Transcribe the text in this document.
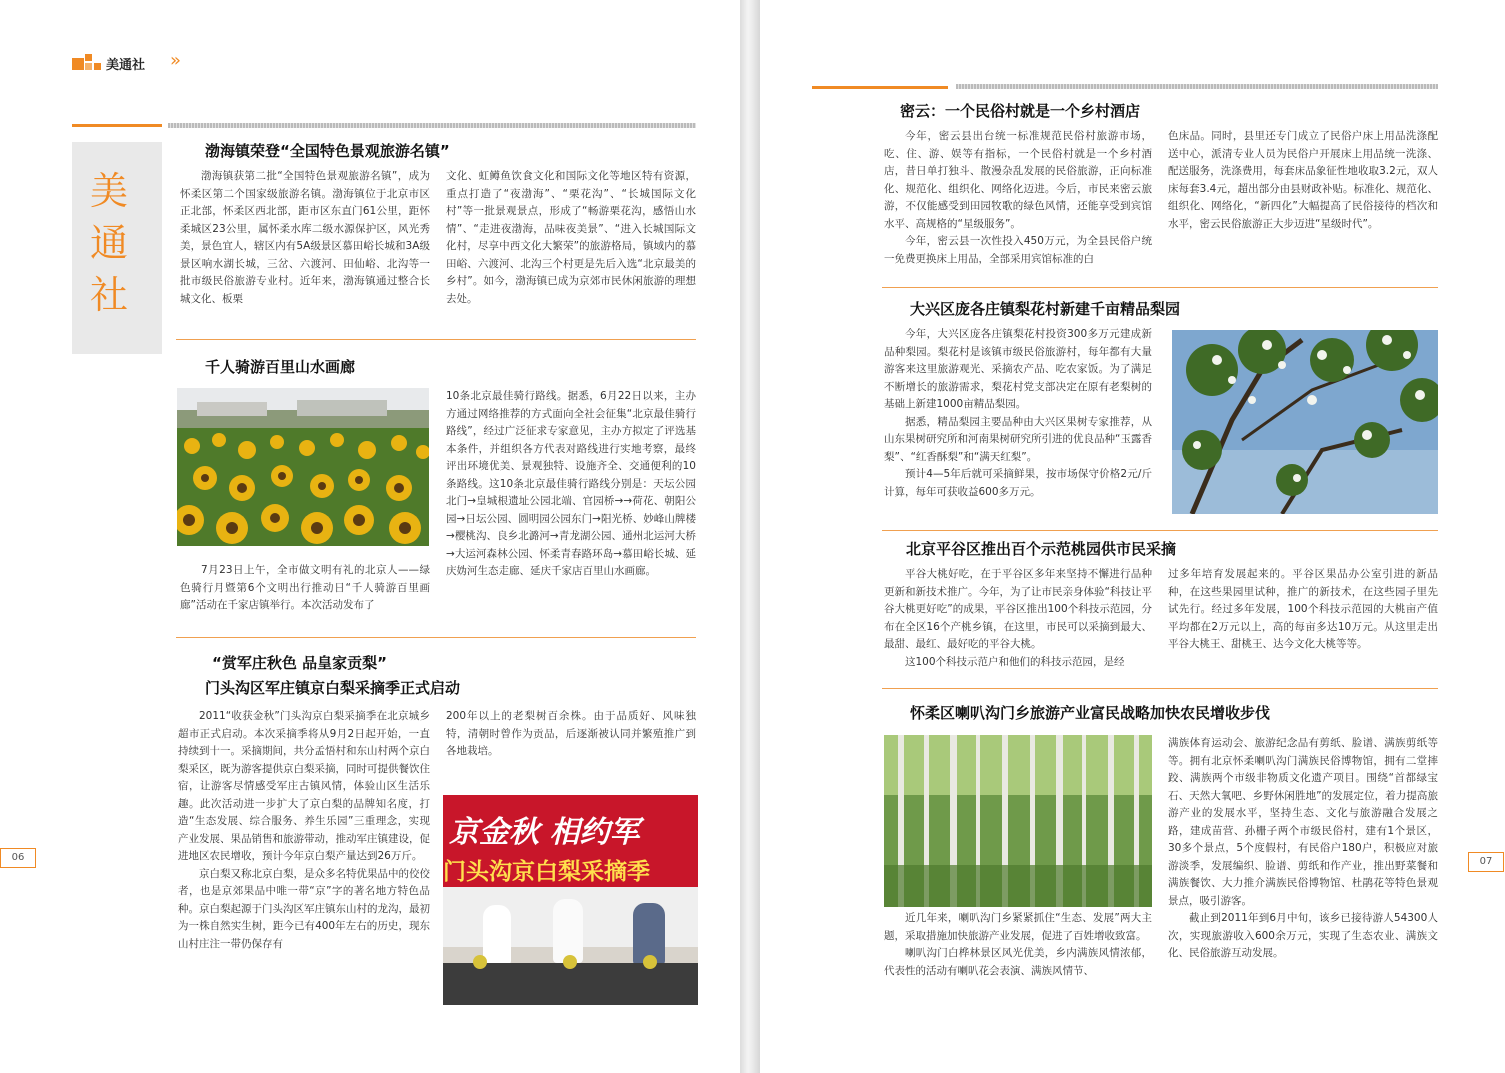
美通社 »
美
通
社
渤海镇荣登“全国特色景观旅游名镇”

渤海镇获第二批“全国特色景观旅游名镇”，成为怀柔区第二个国家级旅游名镇。渤海镇位于北京市区正北部，怀柔区西北部，距市区东直门61公里，距怀柔城区23公里，属怀柔水库二级水源保护区，风光秀美，景色宜人，辖区内有5A级景区慕田峪长城和3A级景区响水湖长城，三岔、六渡河、田仙峪、北沟等一批市级民俗旅游专业村。近年来，渤海镇通过整合长城文化、板栗

文化、虹鳟鱼饮食文化和国际文化等地区特有资源，重点打造了“夜渤海”、“栗花沟”、“长城国际文化村”等一批景观景点，形成了“畅游栗花沟，感悟山水情”、“走进夜渤海，品味夜美景”、“进入长城国际文化村，尽享中西文化大繁荣”的旅游格局，镇域内的慕田峪、六渡河、北沟三个村更是先后入选“北京最美的乡村”。如今，渤海镇已成为京郊市民休闲旅游的理想去处。

千人骑游百里山水画廊

7月23日上午，全市做文明有礼的北京人——绿色骑行月暨第6个文明出行推动日“千人骑游百里画廊”活动在千家店镇举行。本次活动发布了

10条北京最佳骑行路线。据悉，6月22日以来，主办方通过网络推荐的方式面向全社会征集“北京最佳骑行路线”，经过广泛征求专家意见，主办方拟定了评选基本条件，并组织各方代表对路线进行实地考察，最终评出环境优美、景观独特、设施齐全、交通便利的10条路线。这10条北京最佳骑行路线分别是：天坛公园北门→皇城根遗址公园北端、官园桥→→荷花、朝阳公园→日坛公园、圆明园公园东门→阳光桥、妙峰山牌楼→樱桃沟、良乡北潞河→青龙湖公园、通州北运河大桥→大运河森林公园、怀柔青春路环岛→慕田峪长城、延庆妫河生态走廊、延庆千家店百里山水画廊。

“赏军庄秋色 品皇家贡梨”
门头沟区军庄镇京白梨采摘季正式启动

2011“收获金秋”门头沟京白梨采摘季在北京城乡超市正式启动。本次采摘季将从9月2日起开始，一直持续到十一。采摘期间，共分孟悟村和东山村两个京白梨采区，既为游客提供京白梨采摘，同时可提供餐饮住宿，让游客尽情感受军庄古镇风情，体验山区生活乐趣。此次活动进一步扩大了京白梨的品牌知名度，打造“生态发展、综合服务、养生乐园”三重理念，实现产业发展、果品销售和旅游带动，推动军庄镇建设，促进地区农民增收，预计今年京白梨产量达到26万斤。

京白梨又称北京白梨，是众多名特优果品中的佼佼者，也是京郊果品中唯一带“京”字的著名地方特色品种。京白梨起源于门头沟区军庄镇东山村的龙沟，最初为一株自然实生树，距今已有400年左右的历史，现东山村庄注一带仍保存有

200年以上的老梨树百余株。由于品质好、风味独特，清朝时曾作为贡品，后逐渐被认同并繁殖推广到各地栽培。

京金秋 相约军
门头沟京白梨采摘季
06
密云：一个民俗村就是一个乡村酒店

今年，密云县出台统一标准规范民俗村旅游市场，吃、住、游、娱等有指标，一个民俗村就是一个乡村酒店，昔日单打独斗、散漫杂乱发展的民俗旅游，正向标准化、规范化、组织化、网络化迈进。今后，市民来密云旅游，不仅能感受到田园牧歌的绿色风情，还能享受到宾馆水平、高规格的“星级服务”。

今年，密云县一次性投入450万元，为全县民俗户统一免费更换床上用品，全部采用宾馆标准的白

色床品。同时，县里还专门成立了民俗户床上用品洗涤配送中心，派清专业人员为民俗户开展床上用品统一洗涤、配送服务，洗涤费用，每套床品象征性地收取3.2元，双人床每套3.4元，超出部分由县财政补贴。标准化、规范化、组织化、网络化，“新四化”大幅提高了民俗接待的档次和水平，密云民俗旅游正大步迈进“星级时代”。

大兴区庞各庄镇梨花村新建千亩精品梨园

今年，大兴区庞各庄镇梨花村投资300多万元建成新品种梨园。梨花村是该镇市级民俗旅游村，每年都有大量游客来这里旅游观光、采摘农产品、吃农家饭。为了满足不断增长的旅游需求，梨花村党支部决定在原有老梨树的基础上新建1000亩精品梨园。

据悉，精品梨园主要品种由大兴区果树专家推荐，从山东果树研究所和河南果树研究所引进的优良品种“玉露香梨”、“红香酥梨”和“满天红梨”。

预计4—5年后就可采摘鲜果，按市场保守价格2元/斤计算，每年可获收益600多万元。

北京平谷区推出百个示范桃园供市民采摘

平谷大桃好吃，在于平谷区多年来坚持不懈进行品种更新和新技术推广。今年，为了让市民亲身体验“科技让平谷大桃更好吃”的成果，平谷区推出100个科技示范园，分布在全区16个产桃乡镇，在这里，市民可以采摘到最大、最甜、最红、最好吃的平谷大桃。

这100个科技示范户和他们的科技示范园，是经

过多年培育发展起来的。平谷区果品办公室引进的新品种，在这些果园里试种，推广的新技术，在这些园子里先试先行。经过多年发展，100个科技示范园的大桃亩产值平均都在2万元以上，高的每亩多达10万元。从这里走出平谷大桃王、甜桃王、达今文化大桃等等。

怀柔区喇叭沟门乡旅游产业富民战略加快农民增收步伐

近几年来，喇叭沟门乡紧紧抓住“生态、发展”两大主题，采取措施加快旅游产业发展，促进了百姓增收致富。

喇叭沟门白桦林景区风光优美，乡内满族风情浓郁，代表性的活动有喇叭花会表演、满族风情节、

满族体育运动会、旅游纪念品有剪纸、脸谱、满族剪纸等等。拥有北京怀柔喇叭沟门满族民俗博物馆，拥有二堂摔跤、满族两个市级非物质文化遗产项目。围绕“首都绿宝石、天然大氧吧、乡野休闲胜地”的发展定位，着力提高旅游产业的发展水平，坚持生态、文化与旅游融合发展之路，建成苗营、孙栅子两个市级民俗村，建有1个景区，30多个景点，5个度假村，有民俗户180户，积极应对旅游淡季，发展编织、脸谱、剪纸和作产业，推出野菜餐和满族餐饮、大力推介满族民俗博物馆、杜鹃花等特色景观景点，吸引游客。

截止到2011年到6月中旬，该乡已接待游人54300人次，实现旅游收入600余万元，实现了生态农业、满族文化、民俗旅游互动发展。

07
